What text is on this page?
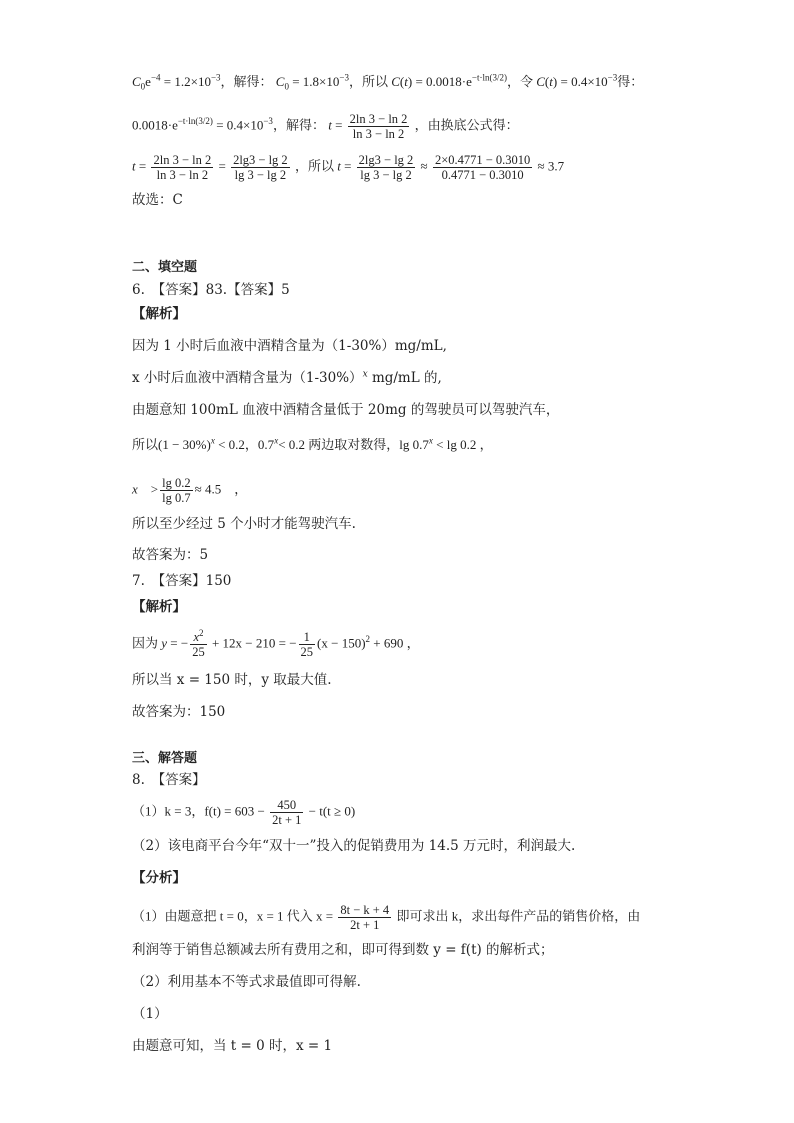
$C_0e^{-4} = 1.2\times 10^{-3}$，解得： $C_0 = 1.8\times 10^{-3}$，所以 $C(t) = 0.0018\cdot e^{-t\cdot ln(3/2)}$，令 $C(t) = 0.4\times 10^{-3}$得：
$0.0018\cdot e^{-t\cdot ln(3/2)} = 0.4\times 10^{-3}$，解得： $t = \frac{2\ln 3 - \ln 2}{\ln 3 - \ln 2}$ ，由换底公式得：
$t = \frac{2\ln 3 - \ln 2}{\ln 3 - \ln 2} = \frac{2\lg 3 - \lg 2}{\lg 3 - \lg 2}$ ，所以 $t = \frac{2\lg 3 - \lg 2}{\lg 3 - \lg 2} \approx \frac{2\times 0.4771 - 0.3010}{0.4771 - 0.3010} \approx 3.7$
故选：C
二、填空题
6.　【答案】83.【答案】5
【解析】
因为 1 小时后血液中酒精含量为（1-30%）mg/mL,
x 小时后血液中酒精含量为$(1-30\%)^x$ mg/mL 的,
由题意知 100mL 血液中酒精含量低于 20mg 的驾驶员可以驾驶汽车，
所以$(1 - 30\%)^x < 0.2$，$0.7^x< 0.2$ 两边取对数得，$\lg 0.7^x < \lg 0.2$ ，
x　> $\frac{\lg 0.2}{\lg 0.7} \approx 4.5$　，
所以至少经过 5 个小时才能驾驶汽车.
故答案为：5
7.　【答案】150
【解析】
因为 y = − $\frac{x^2}{25} + 12x - 210$ = − $\frac{1}{25} (x - 150)^2 + 690$ ，
所以当 x = 150 时，y 取最大值.
故答案为：150
三、解答题
8.　【答案】
（1）k = 3，$f(t) = 603 - \frac{450}{2t + 1} - t(t \ge 0)$
（2）该电商平台今年“双十一”投入的促销费用为 14.5 万元时，利润最大.
【分析】
（1）由题意把 t = 0，x = 1 代入 $x = \frac{8t - k + 4}{2t + 1}$ 即可求出 k，求出每件产品的销售价格，由
利润等于销售总额减去所有费用之和，即可得到数 y = f(t) 的解析式；
（2）利用基本不等式求最值即可得解.
（1）
由题意可知，当 t = 0 时，x = 1
